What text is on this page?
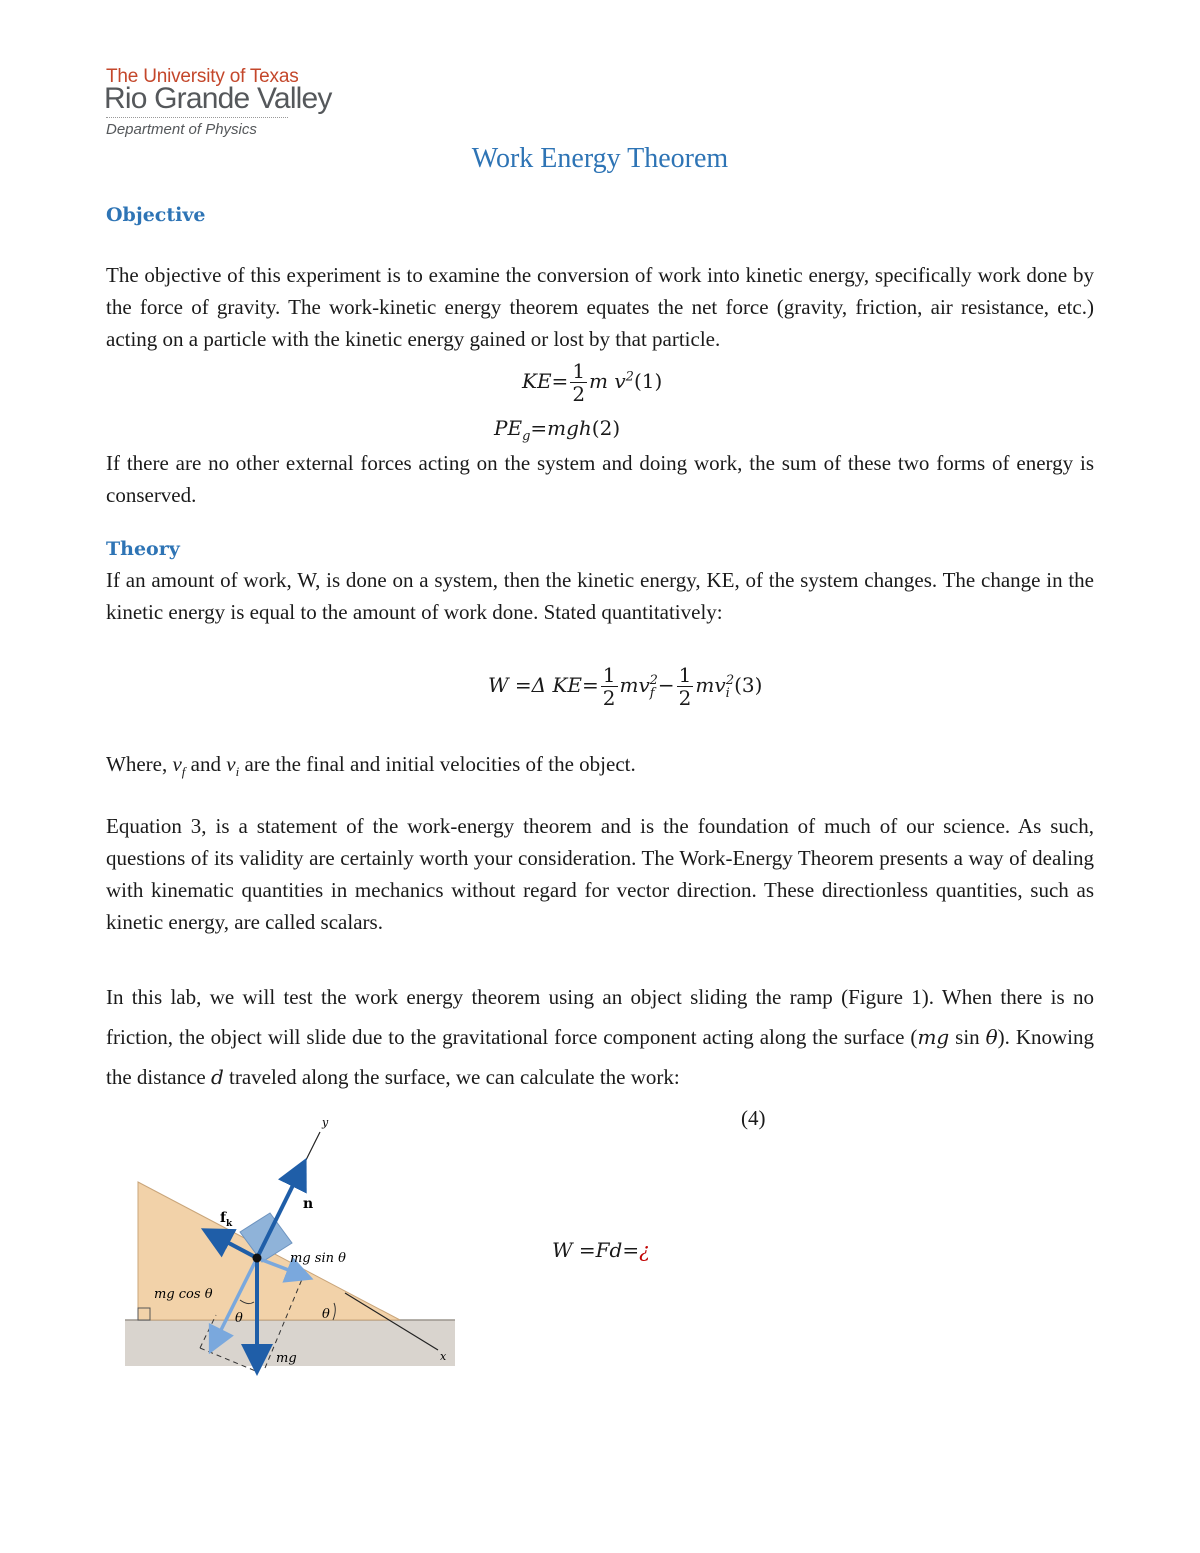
The University of Texas
Rio Grande Valley
Department of Physics
Work Energy Theorem
Objective

The objective of this experiment is to examine the conversion of work into kinetic energy, specifically work done by the force of gravity. The work-kinetic energy theorem equates the net force (gravity, friction, air resistance, etc.) acting on a particle with the kinetic energy gained or lost by that particle.

$KE= \frac{1}{2}$ m $v^2(1)$
$PE_g=mgh(2)$

If there are no other external forces acting on the system and doing work, the sum of these two forms of energy is conserved.

Theory

If an amount of work, W, is done on a system, then the kinetic energy, KE, of the system changes. The change in the kinetic energy is equal to the amount of work done. Stated quantitatively:

W =Δ $KE= \frac{1}{2} mv_f^2- \frac{1}{2} mv_i^2(3)$

Where, $v_f$ and $v_i$ are the final and initial velocities of the object.

Equation 3, is a statement of the work-energy theorem and is the foundation of much of our science. As such, questions of its validity are certainly worth your consideration. The Work-Energy Theorem presents a way of dealing with kinematic quantities in mechanics without regard for vector direction. These directionless quantities, such as kinetic energy, are called scalars.

In this lab, we will test the work energy theorem using an object sliding the ramp (Figure 1). When there is no friction, the object will slide due to the gravitational force component acting along the surface (mg sin θ). Knowing the distance d traveled along the surface, we can calculate the work:

(4)
W =Fd=¿
x
y
n
$f_k$
mg sin θ
mg cos θ
mg
θ	θ
